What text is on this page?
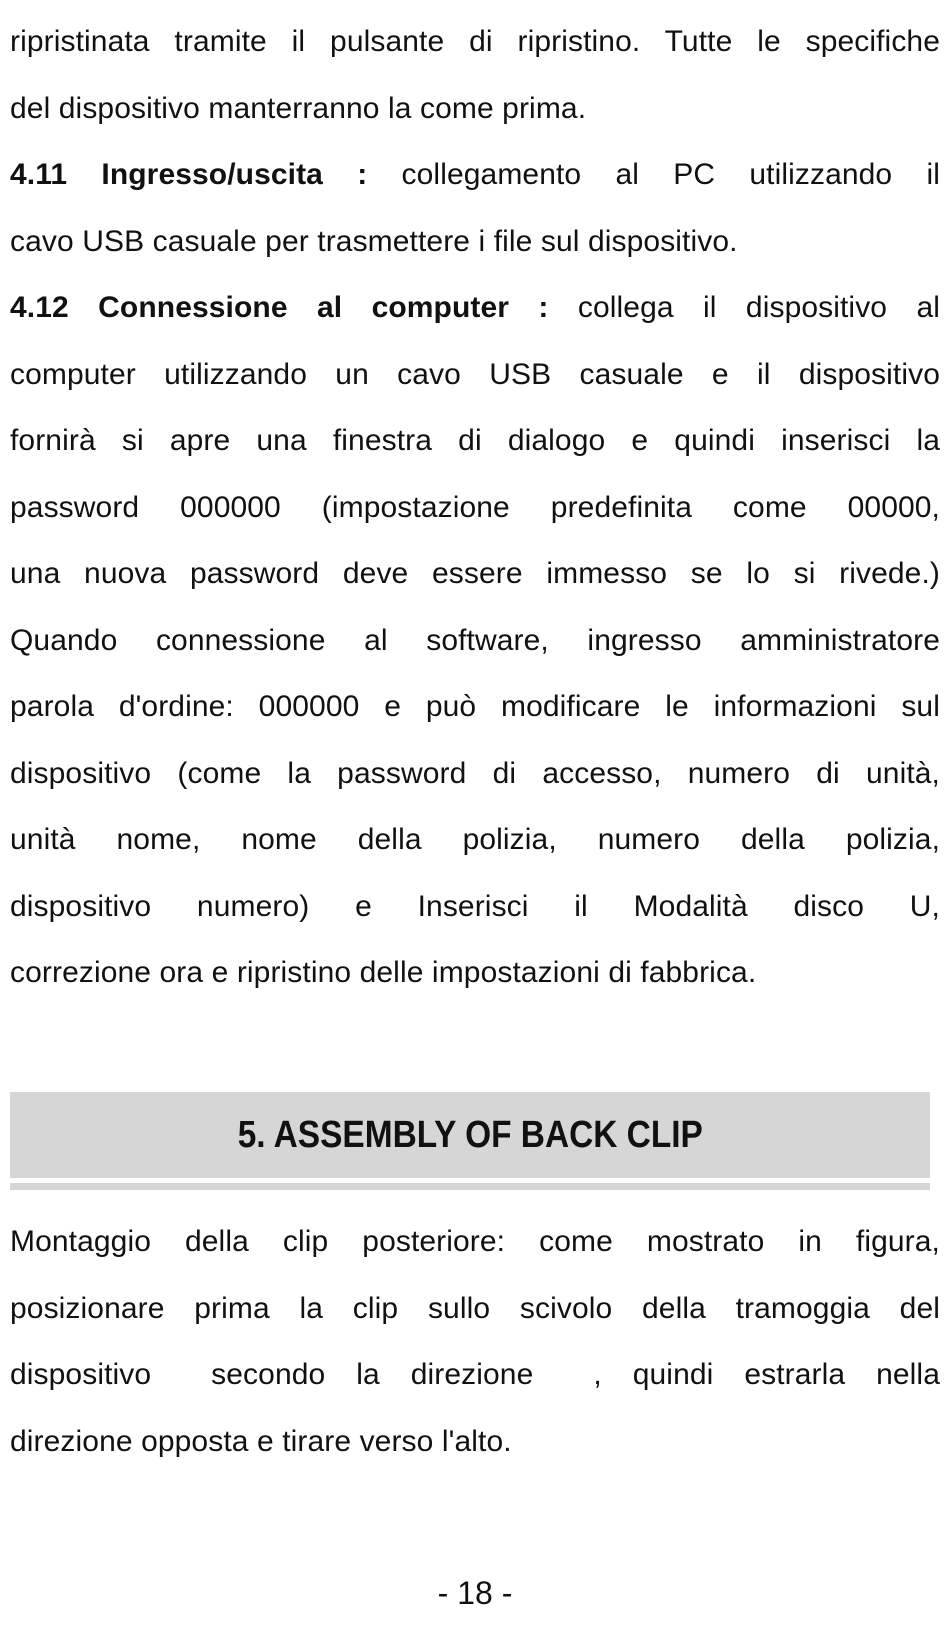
ripristinata tramite il pulsante di ripristino. Tutte le specifiche
del dispositivo manterranno la come prima.
4.11 Ingresso/uscita : collegamento al PC utilizzando il
cavo USB casuale per trasmettere i file sul dispositivo.
4.12 Connessione al computer : collega il dispositivo al
computer utilizzando un cavo USB casuale e il dispositivo
fornirà si apre una finestra di dialogo e quindi inserisci la
password 000000 (impostazione predefinita come 00000,
una nuova password deve essere immesso se lo si rivede.)
Quando connessione al software, ingresso amministratore
parola d'ordine: 000000 e può modificare le informazioni sul
dispositivo (come la password di accesso, numero di unità,
unità nome, nome della polizia, numero della polizia,
dispositivo numero) e Inserisci il Modalità disco U,
correzione ora e ripristino delle impostazioni di fabbrica.
5. ASSEMBLY OF BACK CLIP
Montaggio della clip posteriore: come mostrato in figura,
posizionare prima la clip sullo scivolo della tramoggia del
dispositivo secondo la direzione , quindi estrarla nella
direzione opposta e tirare verso l'alto.
- 18 -
